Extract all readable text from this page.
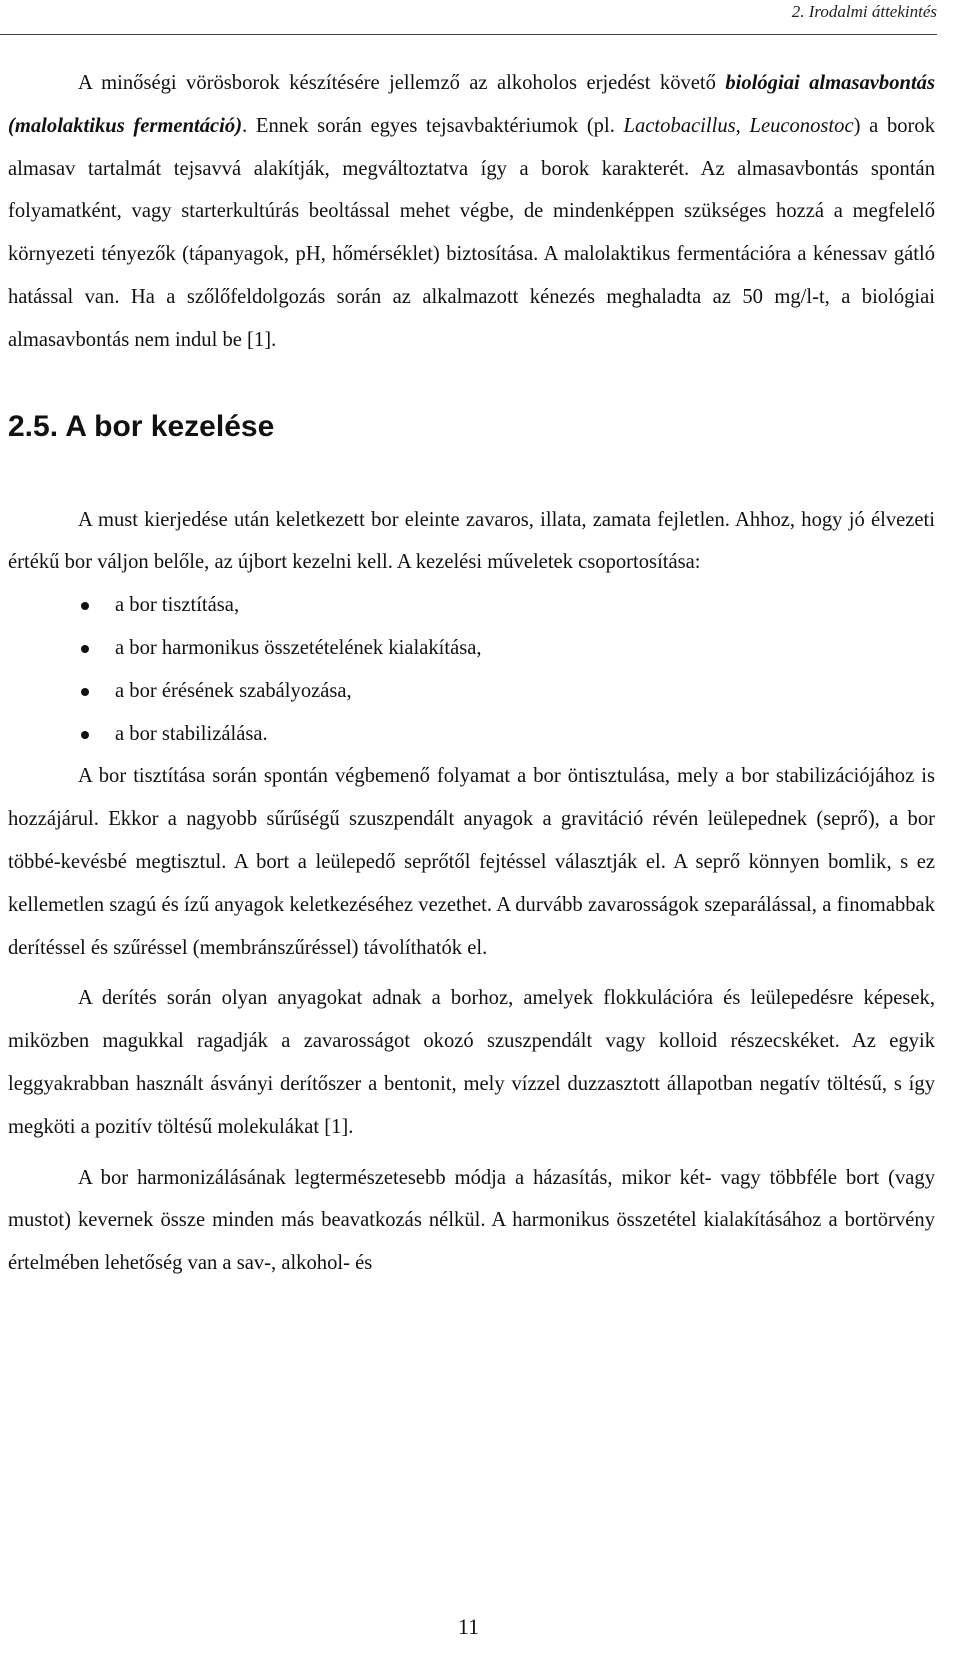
2. Irodalmi áttekintés

A minőségi vörösborok készítésére jellemző az alkoholos erjedést követő biológiai almasavbontás (malolaktikus fermentáció). Ennek során egyes tejsavbaktériumok (pl. Lactobacillus, Leuconostoc) a borok almasav tartalmát tejsavvá alakítják, megváltoztatva így a borok karakterét. Az almasavbontás spontán folyamatként, vagy starterkultúrás beoltással mehet végbe, de mindenképpen szükséges hozzá a megfelelő környezeti tényezők (tápanyagok, pH, hőmérséklet) biztosítása. A malolaktikus fermentációra a kénessav gátló hatással van. Ha a szőlőfeldolgozás során az alkalmazott kénezés meghaladta az 50 mg/l-t, a biológiai almasavbontás nem indul be [1].

2.5. A bor kezelése

A must kierjedése után keletkezett bor eleinte zavaros, illata, zamata fejletlen. Ahhoz, hogy jó élvezeti értékű bor váljon belőle, az újbort kezelni kell. A kezelési műveletek csoportosítása:

a bor tisztítása,
a bor harmonikus összetételének kialakítása,
a bor érésének szabályozása,
a bor stabilizálása.

A bor tisztítása során spontán végbemenő folyamat a bor öntisztulása, mely a bor stabilizációjához is hozzájárul. Ekkor a nagyobb sűrűségű szuszpendált anyagok a gravitáció révén leülepednek (seprő), a bor többé-kevésbé megtisztul. A bort a leülepedő seprőtől fejtéssel választják el. A seprő könnyen bomlik, s ez kellemetlen szagú és ízű anyagok keletkezéséhez vezethet. A durvább zavarosságok szeparálással, a finomabbak derítéssel és szűréssel (membránszűréssel) távolíthatók el.

A derítés során olyan anyagokat adnak a borhoz, amelyek flokkulációra és leülepedésre képesek, miközben magukkal ragadják a zavarosságot okozó szuszpendált vagy kolloid részecskéket. Az egyik leggyakrabban használt ásványi derítőszer a bentonit, mely vízzel duzzasztott állapotban negatív töltésű, s így megköti a pozitív töltésű molekulákat [1].

A bor harmonizálásának legtermészetesebb módja a házasítás, mikor két- vagy többféle bort (vagy mustot) kevernek össze minden más beavatkozás nélkül. A harmonikus összetétel kialakításához a bortörvény értelmében lehetőség van a sav-, alkohol- és

11
